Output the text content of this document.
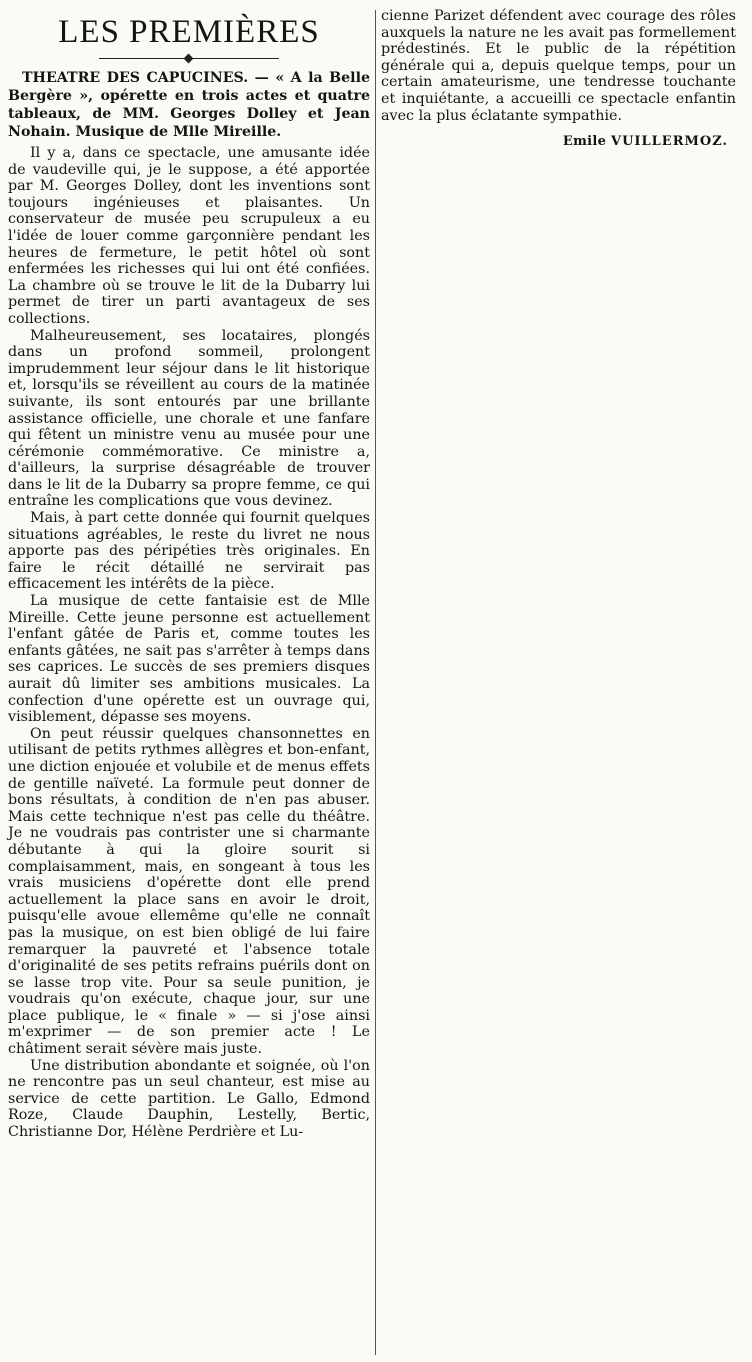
LES PREMIÈRES
THEATRE DES CAPUCINES. — « A la Belle Bergère », opérette en trois actes et quatre tableaux, de MM. Georges Dolley et Jean Nohain. Musique de Mlle Mireille.

Il y a, dans ce spectacle, une amusante idée de vaudeville qui, je le suppose, a été apportée par M. Georges Dolley, dont les inventions sont toujours ingénieuses et plaisantes. Un conservateur de musée peu scrupuleux a eu l'idée de louer comme garçonnière pendant les heures de fermeture, le petit hôtel où sont enfermées les richesses qui lui ont été confiées. La chambre où se trouve le lit de la Dubarry lui permet de tirer un parti avantageux de ses collections.

Malheureusement, ses locataires, plongés dans un profond sommeil, prolongent imprudemment leur séjour dans le lit historique et, lorsqu'ils se réveillent au cours de la matinée suivante, ils sont entourés par une brillante assistance officielle, une chorale et une fanfare qui fêtent un ministre venu au musée pour une cérémonie commémorative. Ce ministre a, d'ailleurs, la surprise désagréable de trouver dans le lit de la Dubarry sa propre femme, ce qui entraîne les complications que vous devinez.

Mais, à part cette donnée qui fournit quelques situations agréables, le reste du livret ne nous apporte pas des péripéties très originales. En faire le récit détaillé ne servirait pas efficacement les intérêts de la pièce.

La musique de cette fantaisie est de Mlle Mireille. Cette jeune personne est actuellement l'enfant gâtée de Paris et, comme toutes les enfants gâtées, ne sait pas s'arrêter à temps dans ses caprices. Le succès de ses premiers disques aurait dû limiter ses ambitions musicales. La confection d'une opérette est un ouvrage qui, visiblement, dépasse ses moyens.

On peut réussir quelques chansonnettes en utilisant de petits rythmes allègres et bon-enfant, une diction enjouée et volubile et de menus effets de gentille naïveté. La formule peut donner de bons résultats, à condition de n'en pas abuser. Mais cette technique n'est pas celle du théâtre. Je ne voudrais pas contrister une si charmante débutante à qui la gloire sourit si complaisamment, mais, en songeant à tous les vrais musiciens d'opérette dont elle prend actuellement la place sans en avoir le droit, puisqu'elle avoue ellemême qu'elle ne connaît pas la musique, on est bien obligé de lui faire remarquer la pauvreté et l'absence totale d'originalité de ses petits refrains puérils dont on se lasse trop vite. Pour sa seule punition, je voudrais qu'on exécute, chaque jour, sur une place publique, le « finale » — si j'ose ainsi m'exprimer — de son premier acte ! Le châtiment serait sévère mais juste.

Une distribution abondante et soignée, où l'on ne rencontre pas un seul chanteur, est mise au service de cette partition. Le Gallo, Edmond Roze, Claude Dauphin, Lestelly, Bertic, Christianne Dor, Hélène Perdrière et Lu-

cienne Parizet défendent avec courage des rôles auxquels la nature ne les avait pas formellement prédestinés. Et le public de la répétition générale qui a, depuis quelque temps, pour un certain amateurisme, une tendresse touchante et inquiétante, a accueilli ce spectacle enfantin avec la plus éclatante sympathie.

Emile VUILLERMOZ.
